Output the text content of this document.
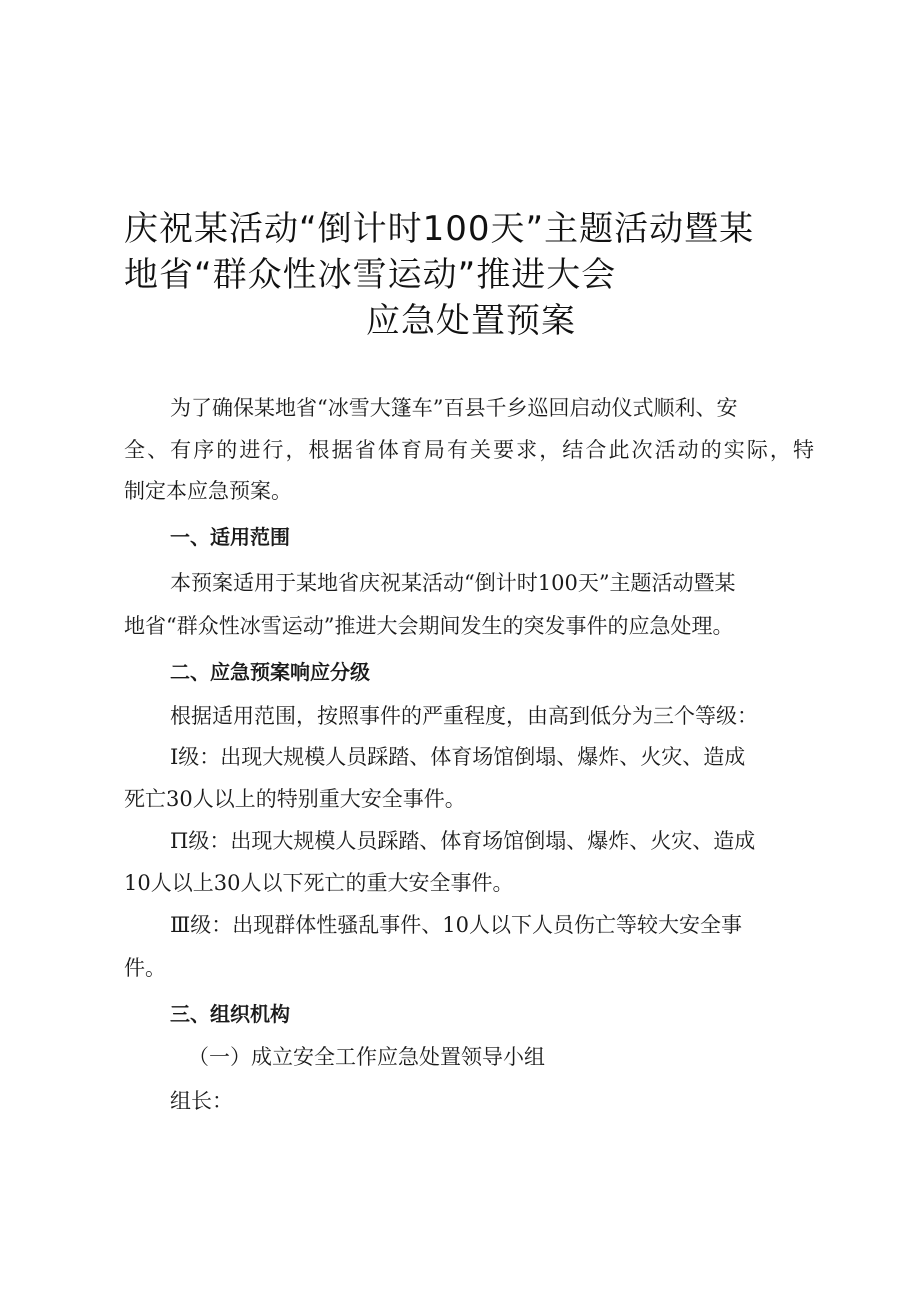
庆祝某活动“倒计时100天”主题活动暨某
地省“群众性冰雪运动”推进大会
应急处置预案
为了确保某地省“冰雪大篷车”百县千乡巡回启动仪式顺利、安
全、有序的进行，根据省体育局有关要求，结合此次活动的实际，特
制定本应急预案。
一、适用范围
本预案适用于某地省庆祝某活动“倒计时100天”主题活动暨某
地省“群众性冰雪运动”推进大会期间发生的突发事件的应急处理。
二、应急预案响应分级
根据适用范围，按照事件的严重程度，由高到低分为三个等级：
Ⅰ级：出现大规模人员踩踏、体育场馆倒塌、爆炸、火灾、造成
死亡30人以上的特别重大安全事件。
Π级：出现大规模人员踩踏、体育场馆倒塌、爆炸、火灾、造成
10人以上30人以下死亡的重大安全事件。
Ⅲ级：出现群体性骚乱事件、10人以下人员伤亡等较大安全事
件。
三、组织机构
（一）成立安全工作应急处置领导小组
组长：
